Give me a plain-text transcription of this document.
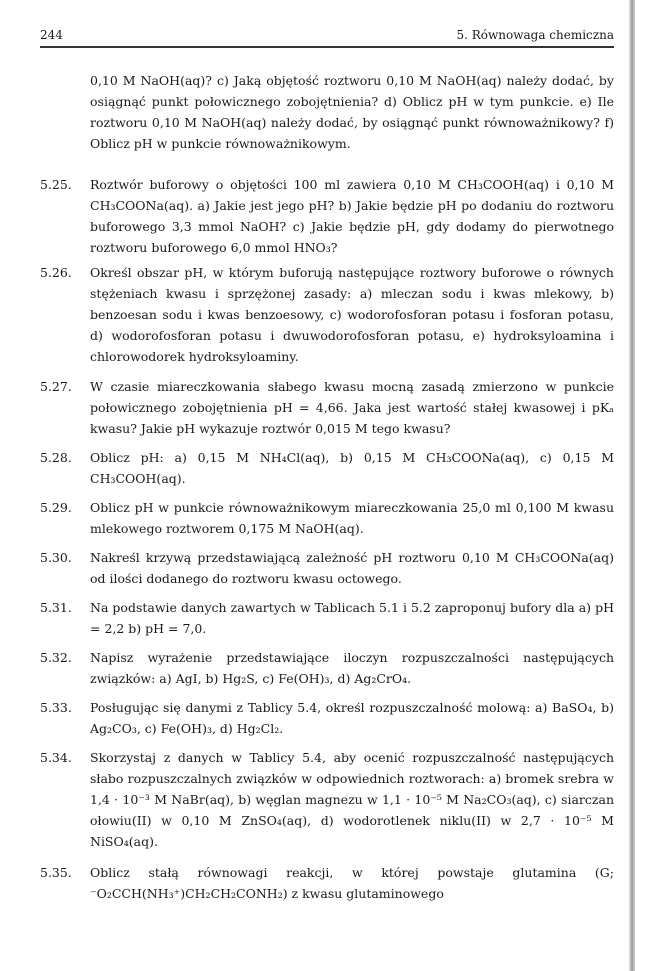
244	5. Równowaga chemiczna
0,10 M NaOH(aq)? c) Jaką objętość roztworu 0,10 M NaOH(aq) należy dodać, by osiągnąć punkt połowicznego zobojętnienia? d) Oblicz pH w tym punkcie. e) Ile roztworu 0,10 M NaOH(aq) należy dodać, by osiągnąć punkt równoważnikowy? f) Oblicz pH w punkcie równoważnikowym.
5.25.	Roztwór buforowy o objętości 100 ml zawiera 0,10 M CH₃COOH(aq) i 0,10 M CH₃COONa(aq). a) Jakie jest jego pH? b) Jakie będzie pH po dodaniu do roztworu buforowego 3,3 mmol NaOH? c) Jakie będzie pH, gdy dodamy do pierwotnego roztworu buforowego 6,0 mmol HNO₃?
5.26.	Określ obszar pH, w którym buforują następujące roztwory buforowe o równych stężeniach kwasu i sprzężonej zasady: a) mleczan sodu i kwas mlekowy, b) benzoesan sodu i kwas benzoesowy, c) wodorofosforan potasu i fosforan potasu, d) wodorofosforan potasu i dwuwodorofosforan potasu, e) hydroksyloamina i chlorowodorek hydroksyloaminy.
5.27.	W czasie miareczkowania słabego kwasu mocną zasadą zmierzono w punkcie połowicznego zobojętnienia pH = 4,66. Jaka jest wartość stałej kwasowej i pKₐ kwasu? Jakie pH wykazuje roztwór 0,015 M tego kwasu?
5.28.	Oblicz pH: a) 0,15 M NH₄Cl(aq), b) 0,15 M CH₃COONa(aq), c) 0,15 M CH₃COOH(aq).
5.29.	Oblicz pH w punkcie równoważnikowym miareczkowania 25,0 ml 0,100 M kwasu mlekowego roztworem 0,175 M NaOH(aq).
5.30.	Nakreśl krzywą przedstawiającą zależność pH roztworu 0,10 M CH₃COONa(aq) od ilości dodanego do roztworu kwasu octowego.
5.31.	Na podstawie danych zawartych w Tablicach 5.1 i 5.2 zaproponuj bufory dla a) pH = 2,2 b) pH = 7,0.
5.32.	Napisz wyrażenie przedstawiające iloczyn rozpuszczalności następujących związków: a) AgI, b) Hg₂S, c) Fe(OH)₃, d) Ag₂CrO₄.
5.33.	Posługując się danymi z Tablicy 5.4, określ rozpuszczalność molową: a) BaSO₄, b) Ag₂CO₃, c) Fe(OH)₃, d) Hg₂Cl₂.
5.34.	Skorzystaj z danych w Tablicy 5.4, aby ocenić rozpuszczalność następujących słabo rozpuszczalnych związków w odpowiednich roztworach: a) bromek srebra w 1,4 · 10⁻³ M NaBr(aq), b) węglan magnezu w 1,1 · 10⁻⁵ M Na₂CO₃(aq), c) siarczan ołowiu(II) w 0,10 M ZnSO₄(aq), d) wodorotlenek niklu(II) w 2,7 · 10⁻⁵ M NiSO₄(aq).
5.35.	Oblicz stałą równowagi reakcji, w której powstaje glutamina (G; ⁻O₂CCH(NH₃⁺)CH₂CH₂CONH₂) z kwasu glutaminowego
